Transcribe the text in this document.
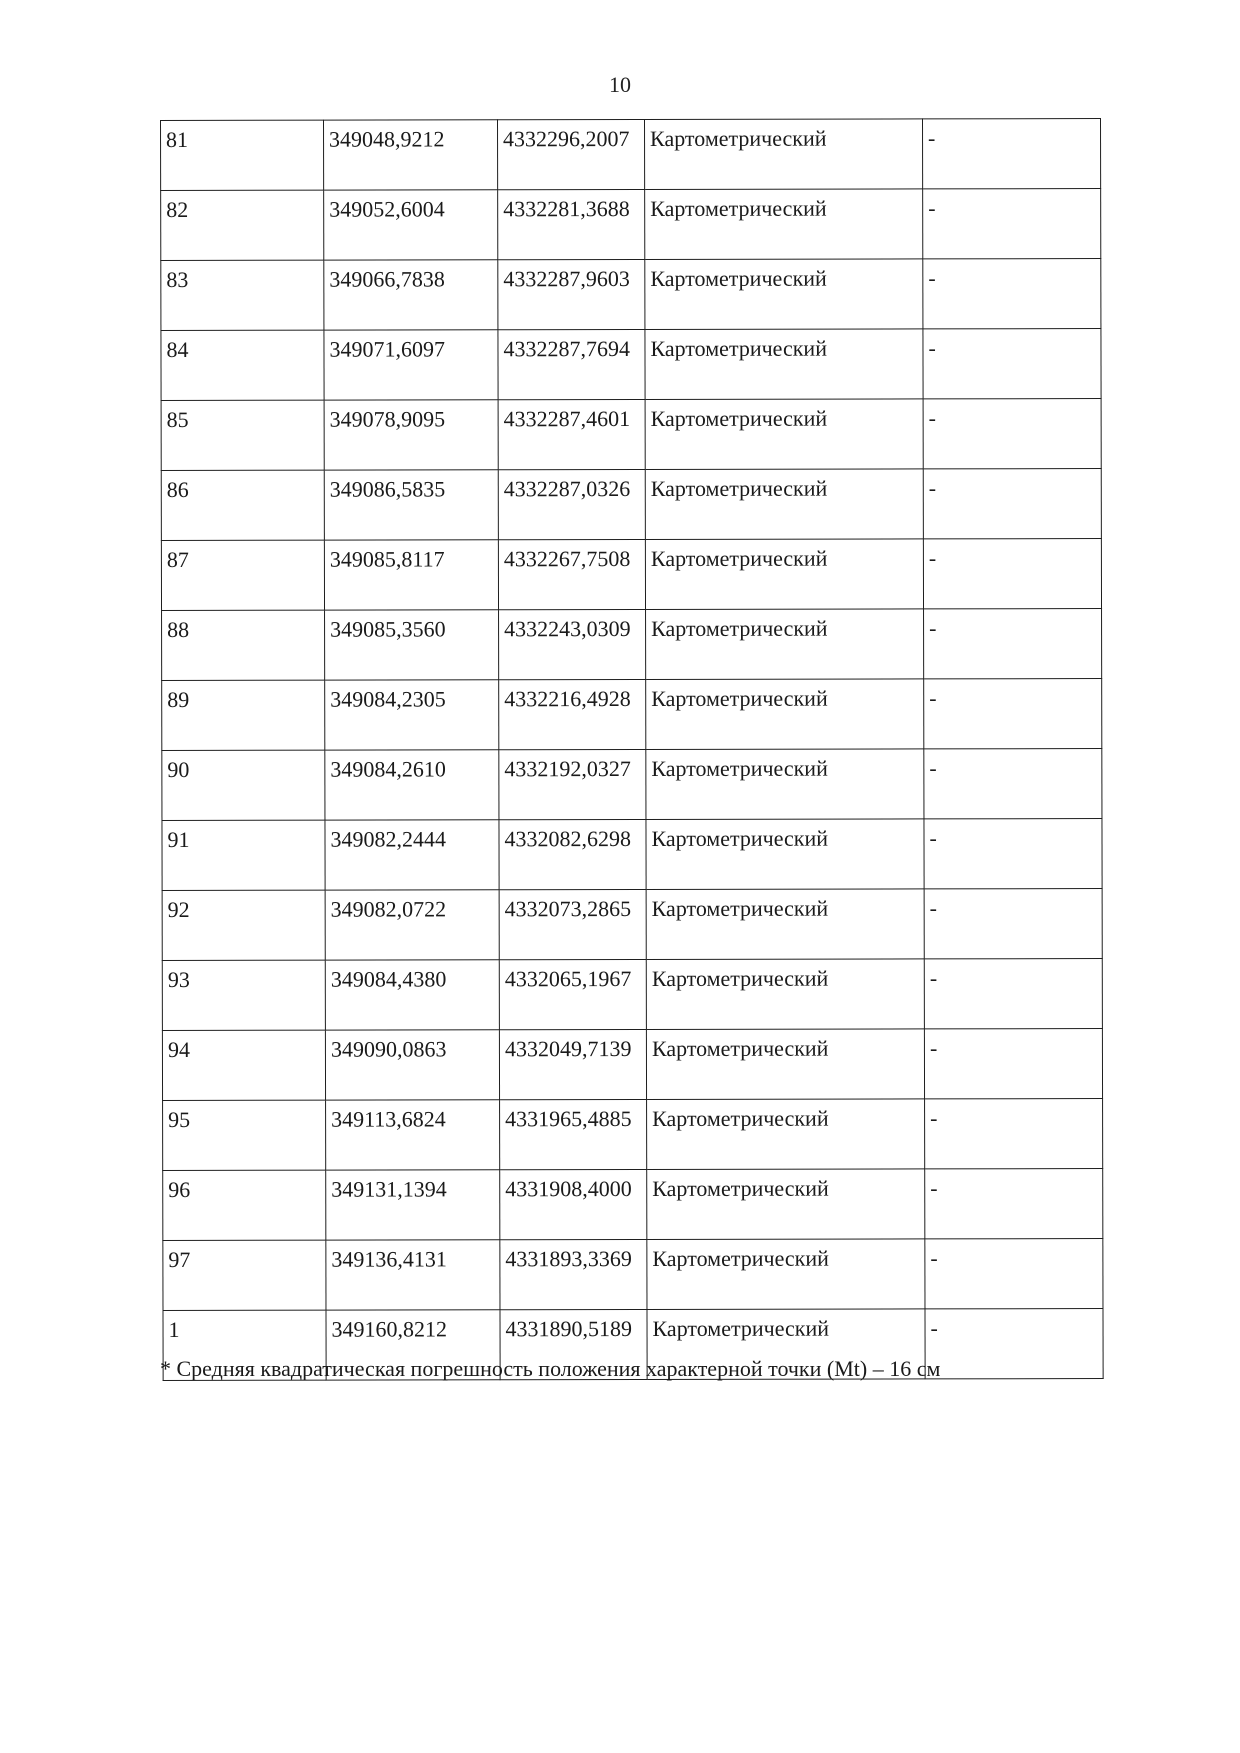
10
81	349048,9212	4332296,2007	Картометрический	-
82	349052,6004	4332281,3688	Картометрический	-
83	349066,7838	4332287,9603	Картометрический	-
84	349071,6097	4332287,7694	Картометрический	-
85	349078,9095	4332287,4601	Картометрический	-
86	349086,5835	4332287,0326	Картометрический	-
87	349085,8117	4332267,7508	Картометрический	-
88	349085,3560	4332243,0309	Картометрический	-
89	349084,2305	4332216,4928	Картометрический	-
90	349084,2610	4332192,0327	Картометрический	-
91	349082,2444	4332082,6298	Картометрический	-
92	349082,0722	4332073,2865	Картометрический	-
93	349084,4380	4332065,1967	Картометрический	-
94	349090,0863	4332049,7139	Картометрический	-
95	349113,6824	4331965,4885	Картометрический	-
96	349131,1394	4331908,4000	Картометрический	-
97	349136,4131	4331893,3369	Картометрический	-
1	349160,8212	4331890,5189	Картометрический	-
* Средняя квадратическая погрешность положения характерной точки (Mt) – 16 см
